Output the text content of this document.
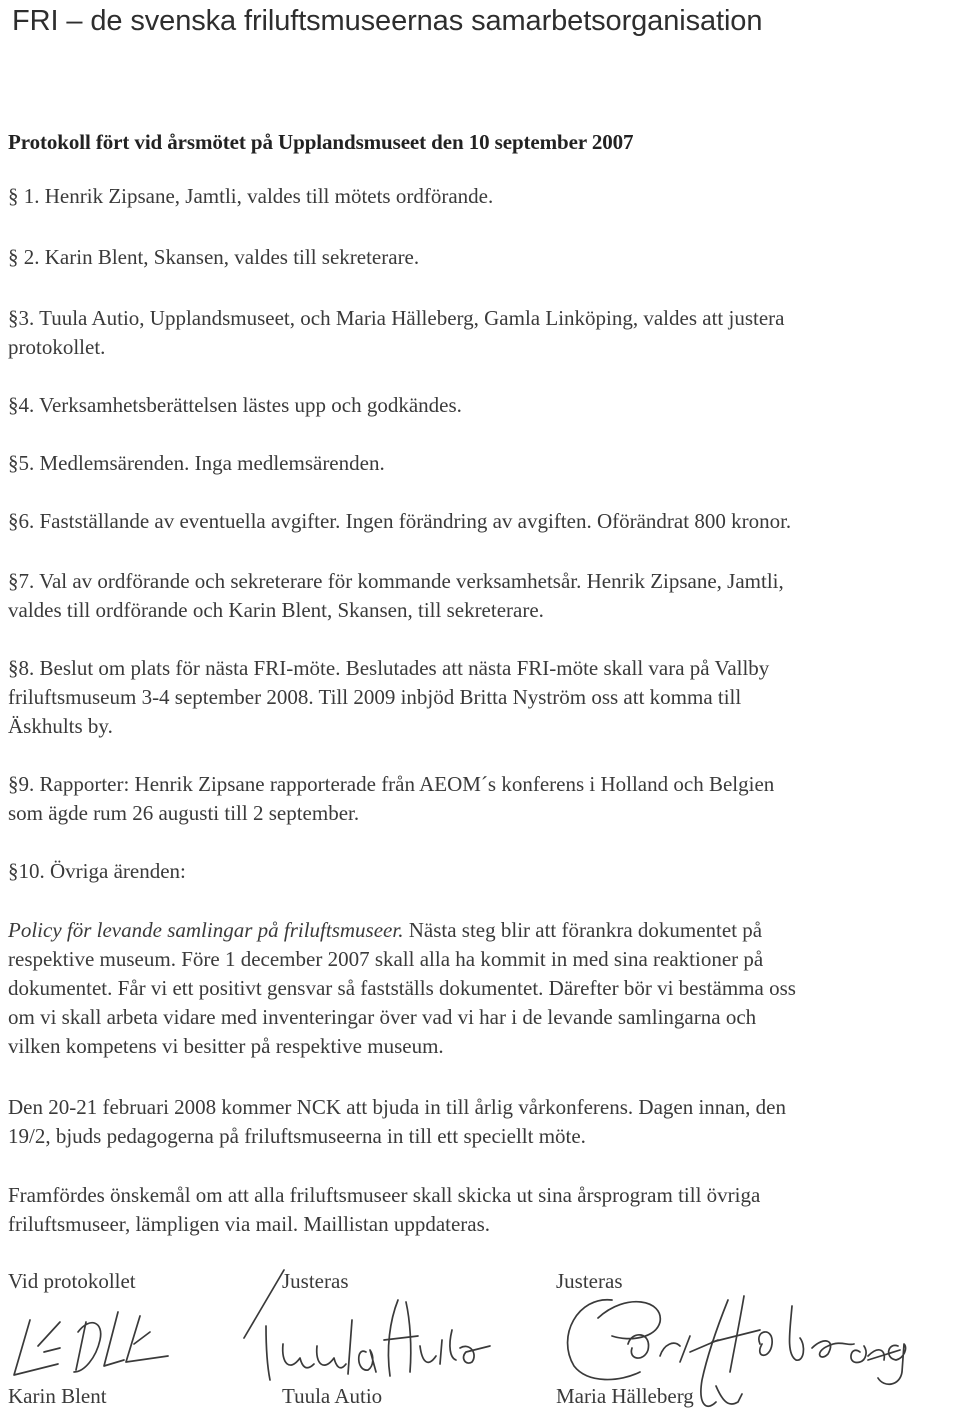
FRI – de svenska friluftsmuseernas samarbetsorganisation
Protokoll fört vid årsmötet på Upplandsmuseet den 10 september 2007
§ 1. Henrik Zipsane, Jamtli, valdes till mötets ordförande.
§ 2. Karin Blent, Skansen, valdes till sekreterare.
§3. Tuula Autio, Upplandsmuseet, och Maria Hälleberg, Gamla Linköping, valdes att justera
protokollet.
§4. Verksamhetsberättelsen lästes upp och godkändes.
§5. Medlemsärenden. Inga medlemsärenden.
§6. Fastställande av eventuella avgifter. Ingen förändring av avgiften. Oförändrat 800 kronor.
§7. Val av ordförande och sekreterare för kommande verksamhetsår. Henrik Zipsane, Jamtli,
valdes till ordförande och Karin Blent, Skansen, till sekreterare.
§8. Beslut om plats för nästa FRI-möte. Beslutades att nästa FRI-möte skall vara på Vallby
friluftsmuseum 3-4 september 2008. Till 2009 inbjöd Britta Nyström oss att komma till
Äskhults by.
§9. Rapporter: Henrik Zipsane rapporterade från AEOM´s konferens i Holland och Belgien
som ägde rum 26 augusti till 2 september.
§10. Övriga ärenden:
Policy för levande samlingar på friluftsmuseer. Nästa steg blir att förankra dokumentet på
respektive museum. Före 1 december 2007 skall alla ha kommit in med sina reaktioner på
dokumentet. Får vi ett positivt gensvar så fastställs dokumentet. Därefter bör vi bestämma oss
om vi skall arbeta vidare med inventeringar över vad vi har i de levande samlingarna och
vilken kompetens vi besitter på respektive museum.
Den 20-21 februari 2008 kommer NCK att bjuda in till årlig vårkonferens. Dagen innan, den
19/2, bjuds pedagogerna på friluftsmuseerna in till ett speciellt möte.
Framfördes önskemål om att alla friluftsmuseer skall skicka ut sina årsprogram till övriga
friluftsmuseer, lämpligen via mail. Maillistan uppdateras.
Vid protokollet	Justeras	Justeras
Karin Blent	Tuula Autio	Maria Hälleberg
